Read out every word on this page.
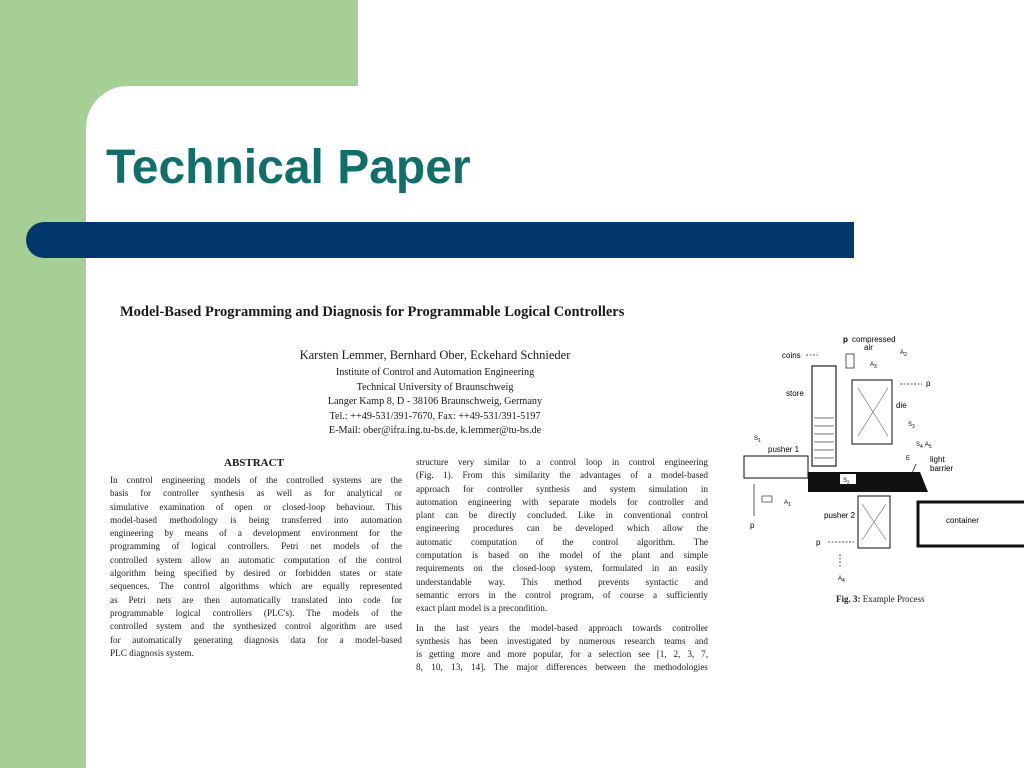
Technical Paper
Model-Based Programming and Diagnosis for Programmable Logical Controllers
Karsten Lemmer, Bernhard Ober, Eckehard Schnieder
Institute of Control and Automation Engineering
Technical University of Braunschweig
Langer Kamp 8, D - 38106 Braunschweig, Germany
Tel.: ++49-531/391-7670, Fax: ++49-531/391-5197
E-Mail: ober@ifra.ing.tu-bs.de, k.lemmer@tu-bs.de
ABSTRACT
In control engineering models of the controlled systems are the
basis for controller synthesis as well as for analytical or
simulative examination of open or closed-loop behaviour. This
model-based methodology is being transferred into automation
engineering by means of a development environment for the
programming of logical controllers. Petri net models of the
controlled system allow an automatic computation of the control
algorithm being specified by desired or forbidden states or state
sequences. The control algorithms which are equally represented
as Petri nets are then automatically translated into code for
programmable logical controllers (PLC's). The models of the
controlled system and the synthesized control algorithm are used
for automatically generating diagnosis data for a model-based
PLC diagnosis system.

structure very similar to a control loop in control engineering
(Fig. 1). From this similarity the advantages of a model-based
approach for controller synthesis and system simulation in
automation engineering with separate models for controller and
plant can be directly concluded. Like in conventional control
engineering procedures can be developed which allow the
automatic computation of the control algorithm. The
computation is based on the model of the plant and simple
requirements on the closed-loop system, formulated in an easily
understandable way. This method prevents syntactic and
semantic errors in the control program, of course a sufficiently
exact plant model is a precondition.

In the last years the model-based approach towards controller
synthesis has been investigated by numerous research teams and
is getting more and more popular, for a selection see [1, 2, 3, 7,
8, 10, 13, 14]. The major differences between the methodologies

coins
store
p compressed
air
$A_2$
$A_3$
die
p
$S_3$
$S_4$ $A_5$
light
barrier
E
$S_1$
pusher 1
p
$A_1$
$S_2$
pusher 2
p
$A_4$
container
Fig. 3: Example Process
